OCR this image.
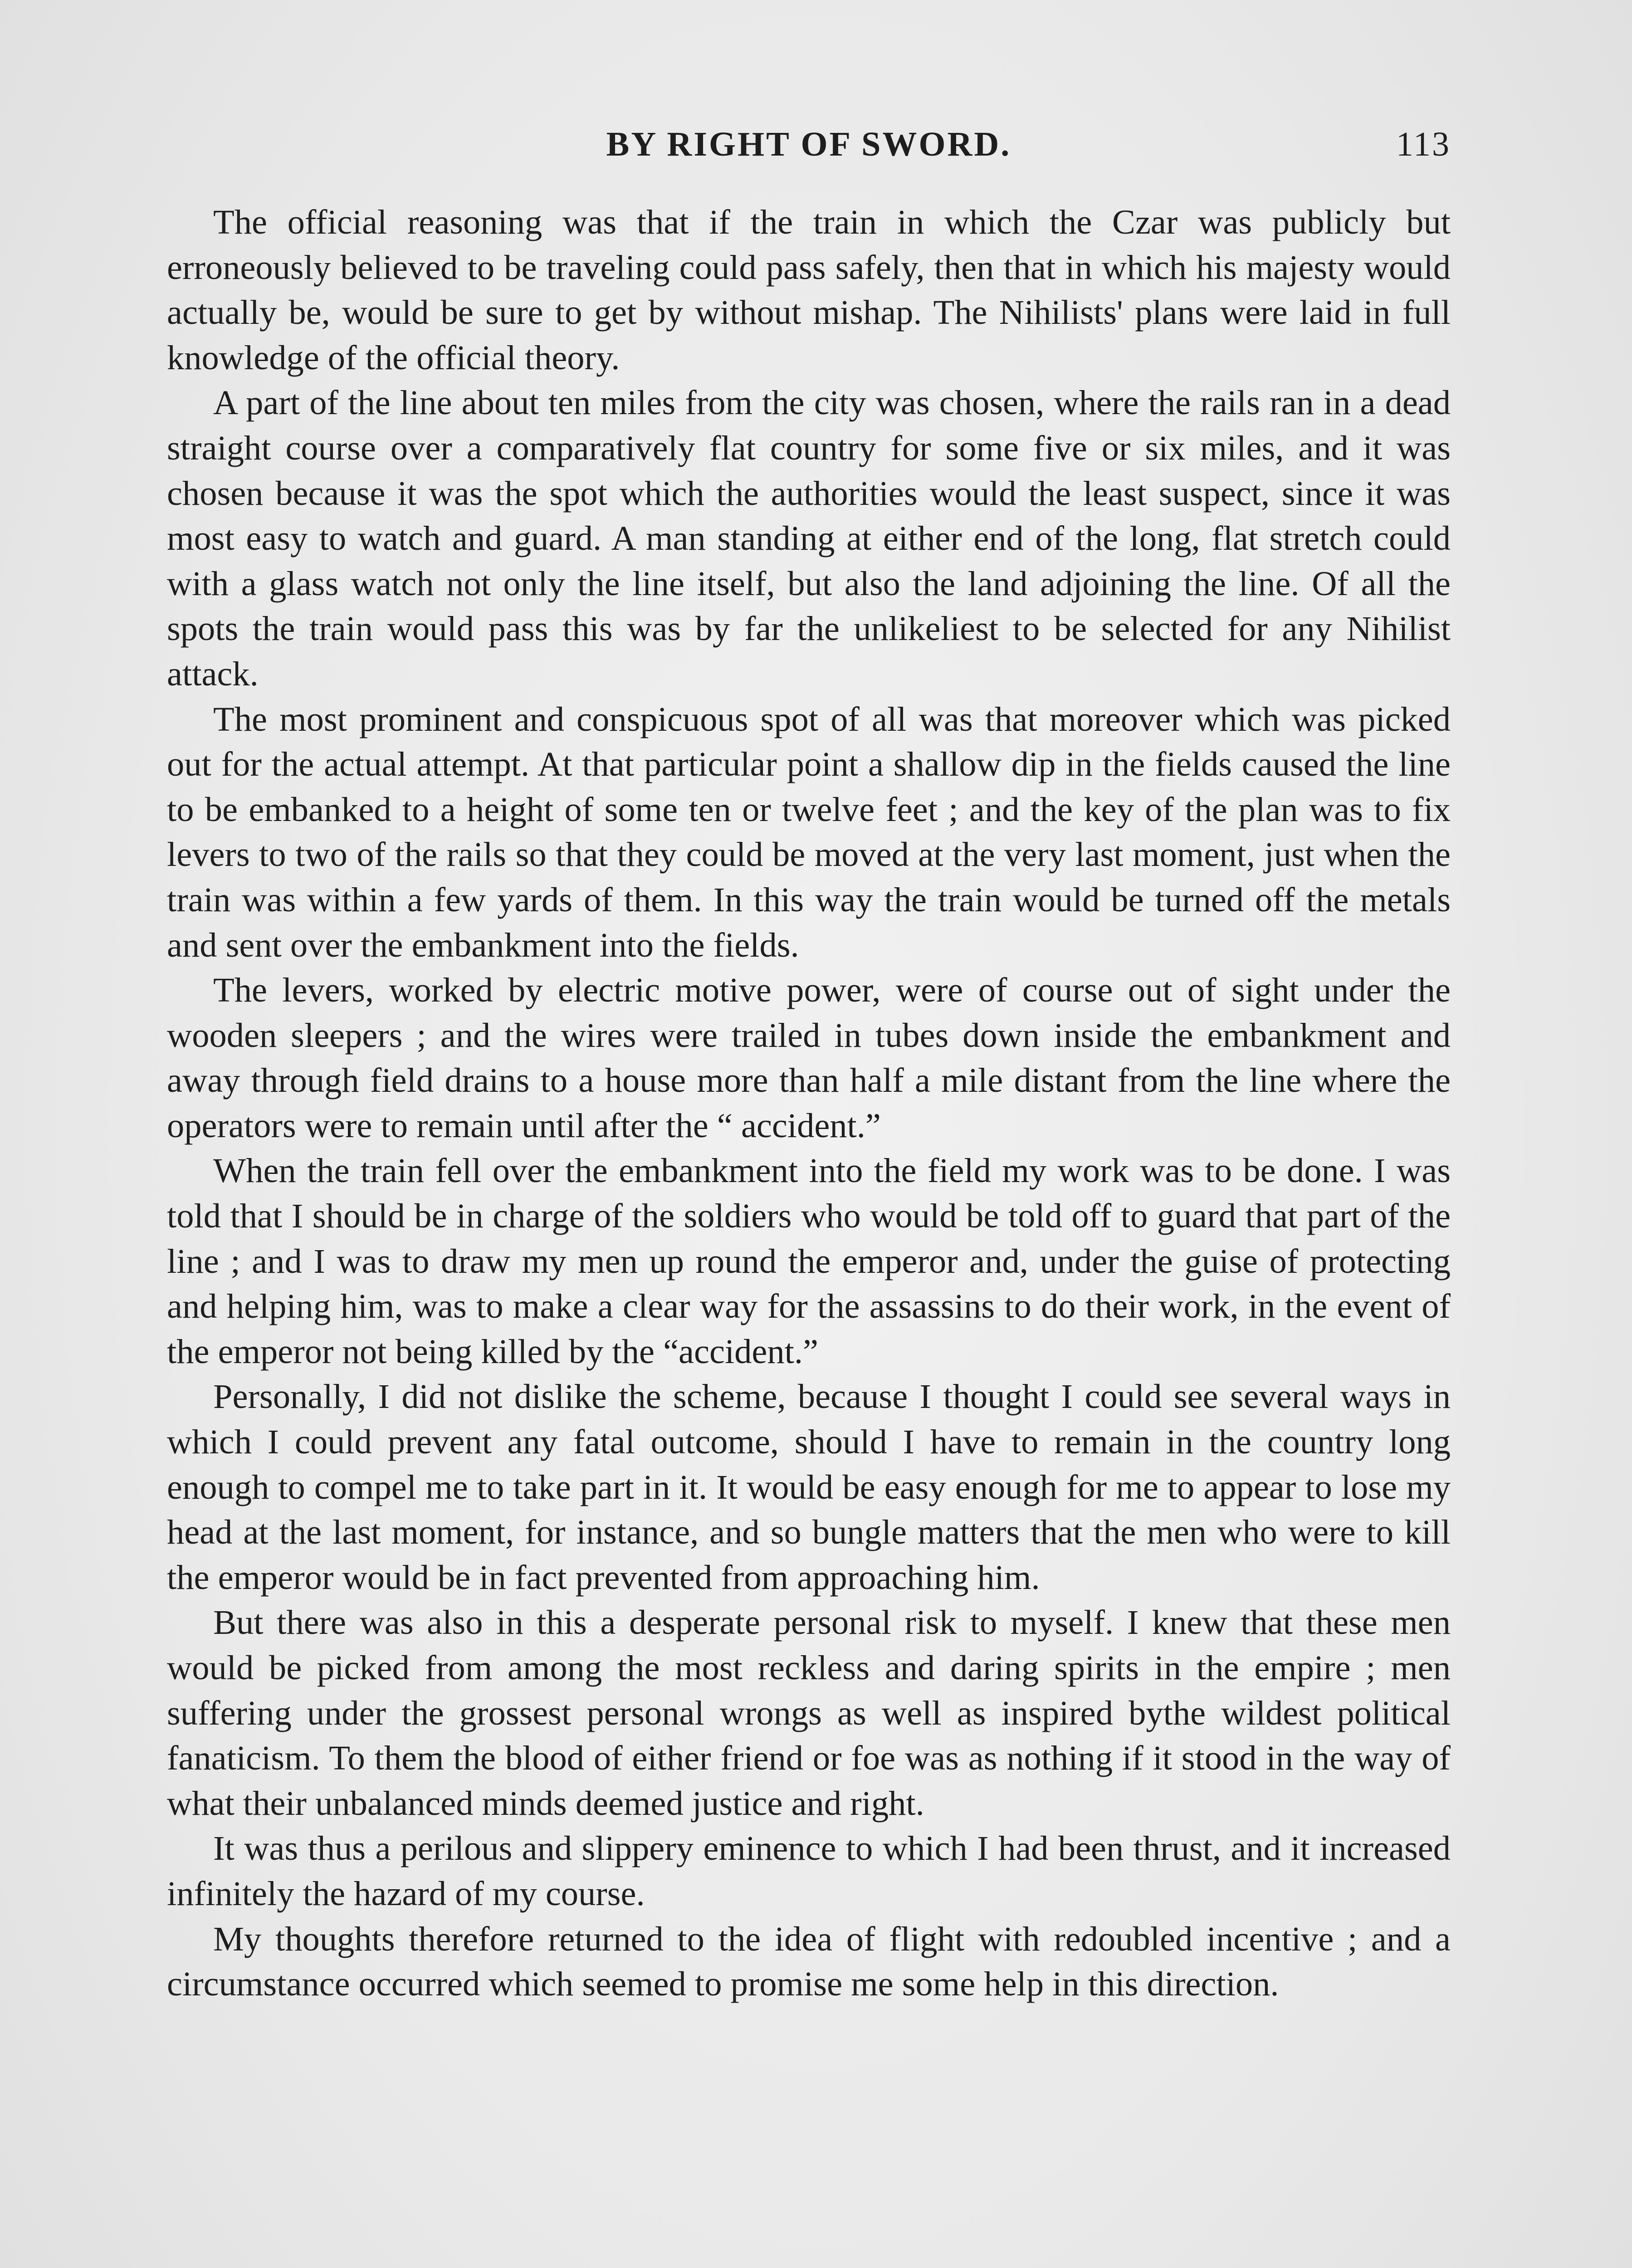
BY RIGHT OF SWORD.	113

The official reasoning was that if the train in which the Czar was publicly but erroneously believed to be traveling could pass safely, then that in which his majesty would actually be, would be sure to get by without mishap. The Nihilists' plans were laid in full knowledge of the official theory.

A part of the line about ten miles from the city was chosen, where the rails ran in a dead straight course over a comparatively flat country for some five or six miles, and it was chosen because it was the spot which the authorities would the least suspect, since it was most easy to watch and guard. A man standing at either end of the long, flat stretch could with a glass watch not only the line itself, but also the land adjoining the line. Of all the spots the train would pass this was by far the unlikeliest to be selected for any Nihilist attack.

The most prominent and conspicuous spot of all was that moreover which was picked out for the actual attempt. At that particular point a shallow dip in the fields caused the line to be embanked to a height of some ten or twelve feet ; and the key of the plan was to fix levers to two of the rails so that they could be moved at the very last moment, just when the train was within a few yards of them. In this way the train would be turned off the metals and sent over the embankment into the fields.

The levers, worked by electric motive power, were of course out of sight under the wooden sleepers ; and the wires were trailed in tubes down inside the embankment and away through field drains to a house more than half a mile distant from the line where the operators were to remain until after the “ accident.”

When the train fell over the embankment into the field my work was to be done. I was told that I should be in charge of the soldiers who would be told off to guard that part of the line ; and I was to draw my men up round the emperor and, under the guise of protecting and helping him, was to make a clear way for the assassins to do their work, in the event of the emperor not being killed by the “accident.”

Personally, I did not dislike the scheme, because I thought I could see several ways in which I could prevent any fatal outcome, should I have to remain in the country long enough to compel me to take part in it. It would be easy enough for me to appear to lose my head at the last moment, for instance, and so bungle matters that the men who were to kill the emperor would be in fact prevented from approaching him.

But there was also in this a desperate personal risk to myself. I knew that these men would be picked from among the most reckless and daring spirits in the empire ; men suffering under the grossest personal wrongs as well as inspired bythe wildest political fanaticism. To them the blood of either friend or foe was as nothing if it stood in the way of what their unbalanced minds deemed justice and right.

It was thus a perilous and slippery eminence to which I had been thrust, and it increased infinitely the hazard of my course.

My thoughts therefore returned to the idea of flight with redoubled incentive ; and a circumstance occurred which seemed to promise me some help in this direction.
